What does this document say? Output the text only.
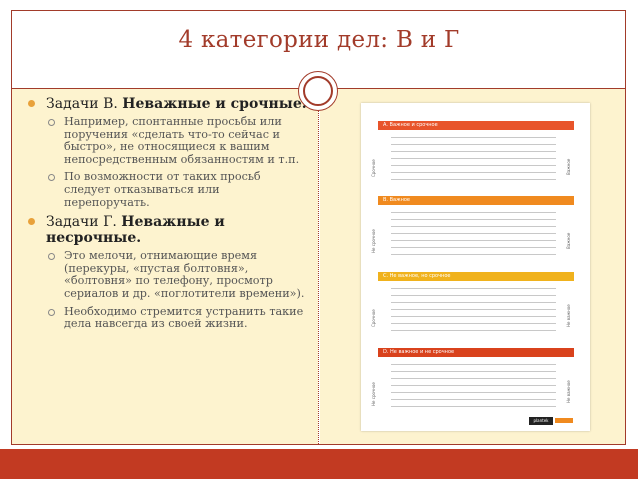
4 категории дел: В и Г
Задачи В. Неважные и срочные.
Например, спонтанные просьбы или поручения «сделать что-то сейчас и быстро», не относящиеся к вашим непосредственным обязанностям и т.п.
По возможности от таких просьб следует отказываться или перепоручать.
Задачи Г. Неважные и несрочные.
Это мелочи, отнимающие время (перекуры, «пустая болтовня», «болтовня» по телефону, просмотр сериалов и др. «поглотители времени»).
Необходимо стремится устранить такие дела навсегда из своей жизни.
A. Важное и срочное
Срочное	Важное
B. Важное
Не срочное	Важное
C. Не важное, но срочное
Срочное	Не важное
D. Не важное и не срочное
Не срочное	Не важное
plantek
